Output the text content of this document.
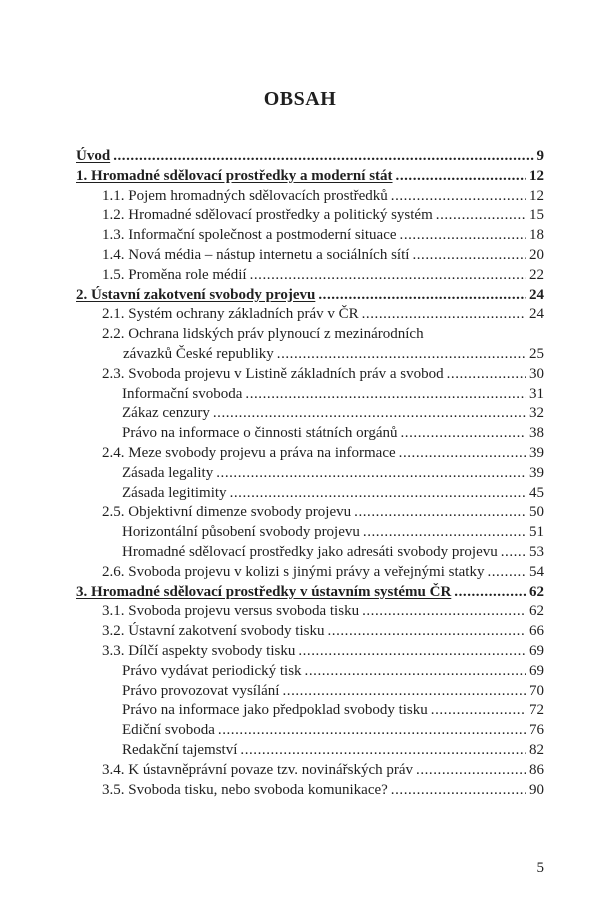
OBSAH
Úvod . . .	9
1. Hromadné sdělovací prostředky a moderní stát . . .	12
1.1. Pojem hromadných sdělovacích prostředků . . .	12
1.2. Hromadné sdělovací prostředky a politický systém . . .	15
1.3. Informační společnost a postmoderní situace . . .	18
1.4. Nová média – nástup internetu a sociálních sítí . . .	20
1.5. Proměna role médií . . .	22
2. Ústavní zakotvení svobody projevu . . .	24
2.1. Systém ochrany základních práv v ČR . . .	24
2.2. Ochrana lidských práv plynoucí z mezinárodních
závazků České republiky . . .	25
2.3. Svoboda projevu v Listině základních práv a svobod . . .	30
Informační svoboda . . .	31
Zákaz cenzury . . .	32
Právo na informace o činnosti státních orgánů . . .	38
2.4. Meze svobody projevu a práva na informace . . .	39
Zásada legality . . .	39
Zásada legitimity . . .	45
2.5. Objektivní dimenze svobody projevu . . .	50
Horizontální působení svobody projevu . . .	51
Hromadné sdělovací prostředky jako adresáti svobody projevu . . . 53
2.6. Svoboda projevu v kolizi s jinými právy a veřejnými statky . . .	54
3. Hromadné sdělovací prostředky v ústavním systému ČR . . .	62
3.1. Svoboda projevu versus svoboda tisku . . .	62
3.2. Ústavní zakotvení svobody tisku . . .	66
3.3. Dílčí aspekty svobody tisku . . .	69
Právo vydávat periodický tisk . . .	69
Právo provozovat vysílání . . .	70
Právo na informace jako předpoklad svobody tisku . . .	72
Ediční svoboda . . .	76
Redakční tajemství . . .	82
3.4. K ústavněprávní povaze tzv. novinářských práv . . .	86
3.5. Svoboda tisku, nebo svoboda komunikace? . . .	90
5
